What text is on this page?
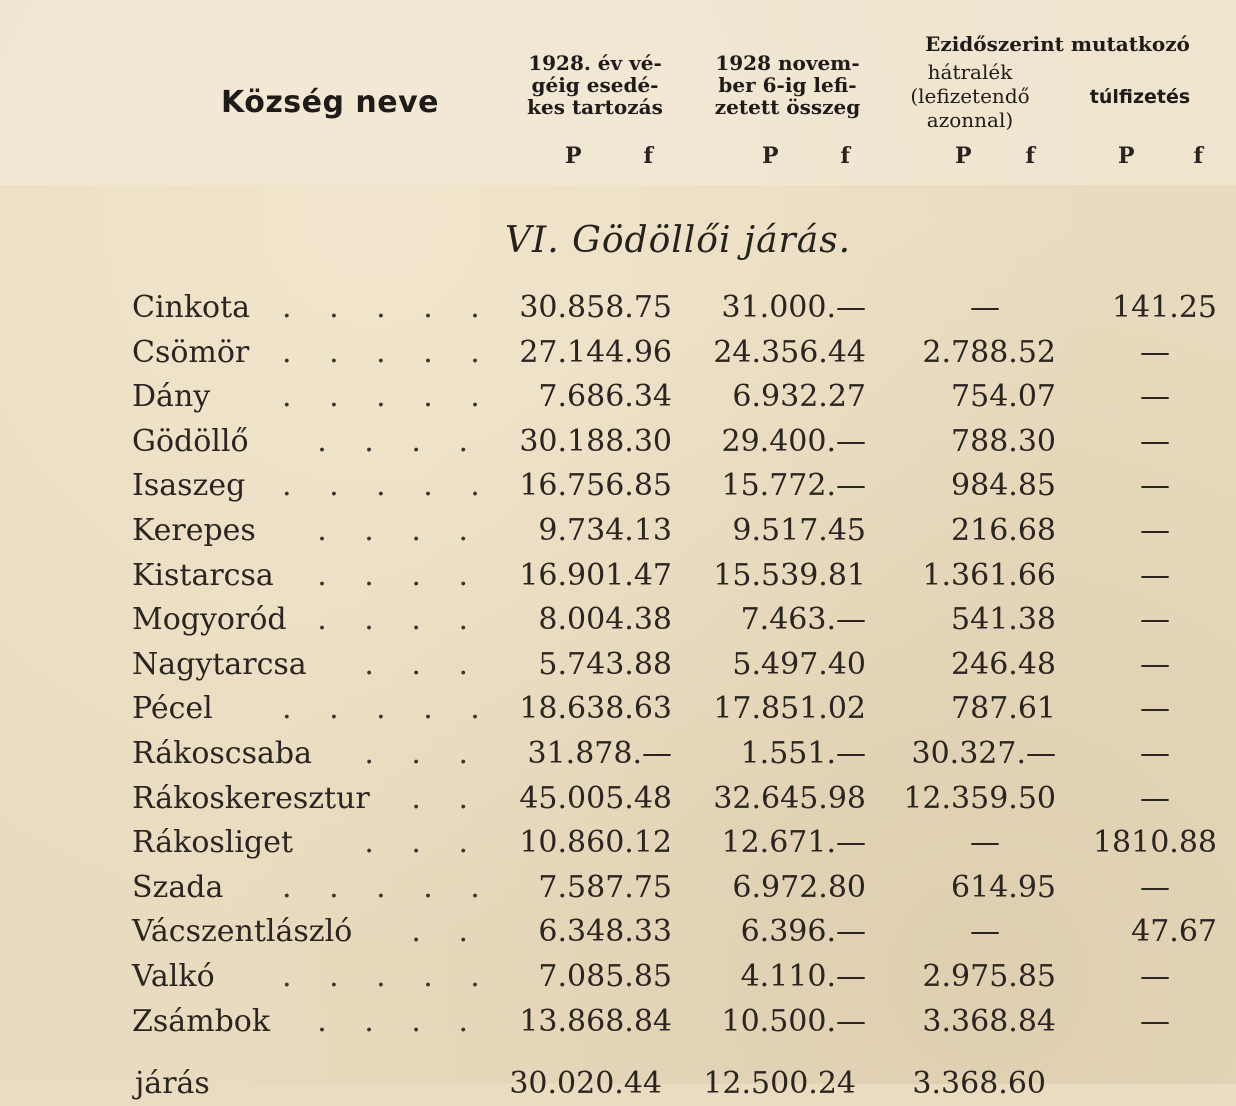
Község neve
1928. év vé-
géig esedé-
kes tartozás
1928 novem-
ber 6-ig lefi-
zetett összeg
Ezidőszerint mutatkozó
hátralék
(lefizetendő
azonnal)
túlfizetés
P	f	P	f	P f	P	f
VI. Gödöllői járás.
Cinkota	. . . . . 30.858.75	31.000.—	—	141.25
Csömör	. . . . . 27.144.96	24.356.44	2.788.52	—
Dány	. . . . .	7.686.34	6.932.27	754.07	—
Gödöllő	. . . .	30.188.30	29.400.—	788.30	—
Isaszeg	. . . . . 16.756.85	15.772.—	984.85	—
Kerepes	. . . .	9.734.13	9.517.45	216.68	—
Kistarcsa	. . . .	16.901.47	15.539.81	1.361.66	—
Mogyoród	. . . .	8.004.38	7.463.—	541.38	—
Nagytarcsa	. . .	5.743.88	5.497.40	246.48	—
Pécel	. . . . . 18.638.63	17.851.02	787.61	—
Rákoscsaba	. . .	31.878.—	1.551.—	30.327.—	—
Rákoskeresztur	. .	45.005.48	32.645.98	12.359.50	—
Rákosliget	. . .	10.860.12	12.671.—	—	1810.88
Szada	. . . . .	7.587.75	6.972.80	614.95	—
Vácszentlászló	. .	6.348.33	6.396.—	—	47.67
Valkó	. . . . .	7.085.85	4.110.—	2.975.85	—
Zsámbok	. . . .	13.868.84	10.500.—	3.368.84	—
járás	30.020.44	12.500.24	3.368.60
